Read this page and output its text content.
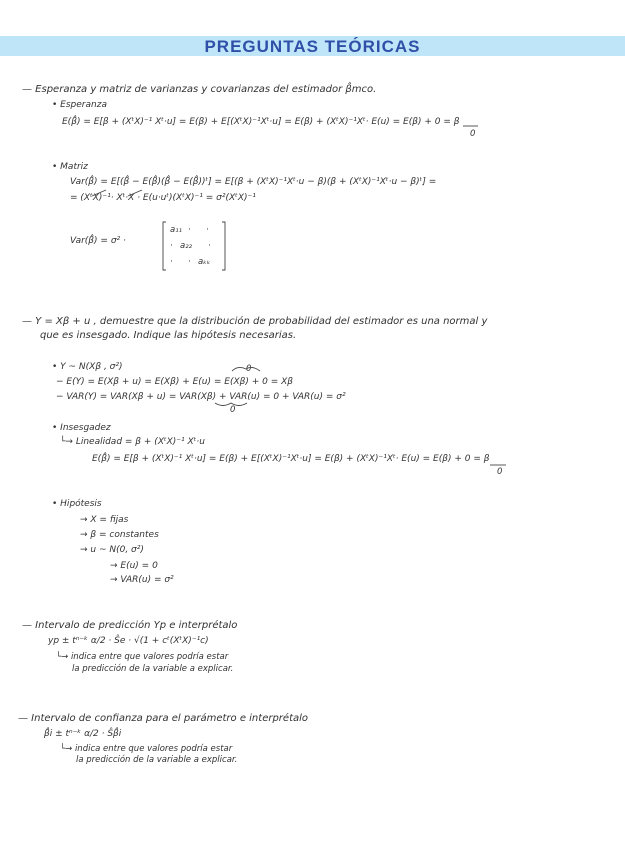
PREGUNTAS TEÓRICAS
— Esperanza y matriz de varianzas y covarianzas del estimador β̂mco.
• Esperanza
E(β̂) = E[β + (XᵗX)⁻¹ Xᵗ·u] = E(β) + E[(XᵗX)⁻¹Xᵗ·u] = E(β) + (XᵗX)⁻¹Xᵗ· E(u) = E(β) + 0 = β
0
• Matriz
Var(β̂) = E[(β̂ − E(β̂)(β̂ − E(β̂))ᵗ] = E[(β + (XᵗX)⁻¹Xᵗ·u − β)(β + (XᵗX)⁻¹Xᵗ·u − β)ᵗ] =
= (XᵗX)⁻¹· Xᵗ·X · E(u·uᵗ)(XᵗX)⁻¹ = σ²(XᵗX)⁻¹
Var(β̂) = σ² ·
a₁₁ · ·
· a₂₂ ·
· · aₖₖ
— Y = Xβ + u , demuestre que la distribución de probabilidad del estimador es una normal y
que es insesgado. Indique las hipótesis necesarias.
• Y ~ N(Xβ , σ²)	0
− E(Y) = E(Xβ + u) = E(Xβ) + E(u) = E(Xβ) + 0 = Xβ
− VAR(Y) = VAR(Xβ + u) = VAR(Xβ) + VAR(u) = 0 + VAR(u) = σ²
0
• Insesgadez
└→ Linealidad = β + (XᵗX)⁻¹ Xᵗ·u
E(β̂) = E[β + (XᵗX)⁻¹ Xᵗ·u] = E(β) + E[(XᵗX)⁻¹Xᵗ·u] = E(β) + (XᵗX)⁻¹Xᵗ· E(u) = E(β) + 0 = β
0
• Hipótesis
→ X = fijas
→ β = constantes
→ u ~ N(0, σ²)
→ E(u) = 0
→ VAR(u) = σ²
— Intervalo de predicción Yp e interprétalo
yp ± tⁿ⁻ᵏ α/2 · Ŝe · √(1 + cᵗ(XᵗX)⁻¹c)
└→ indica entre que valores podría estar
la predicción de la variable a explicar.
— Intervalo de confianza para el parámetro e interprétalo
β̂i ± tⁿ⁻ᵏ α/2 · Ŝβ̂i
└→ indica entre que valores podría estar
la predicción de la variable a explicar.
